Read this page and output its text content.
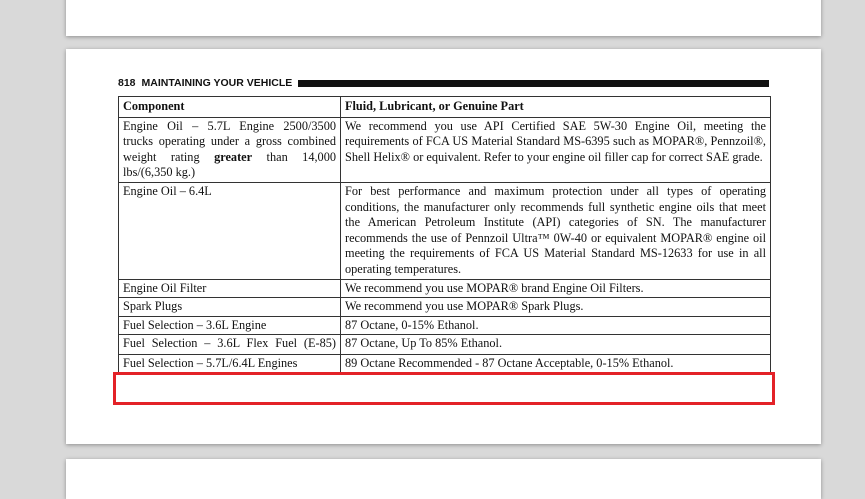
818 MAINTAINING YOUR VEHICLE
Component	Fluid, Lubricant, or Genuine Part
Engine Oil – 5.7L Engine 2500/3500 trucks operating under a gross combined weight rating greater than 14,000 lbs/(6,350 kg.)	We recommend you use API Certified SAE 5W-30 Engine Oil, meeting the requirements of FCA US Material Standard MS-6395 such as MOPAR®, Pennzoil®, Shell Helix® or equivalent. Refer to your engine oil filler cap for correct SAE grade.
Engine Oil – 6.4L	For best performance and maximum protection under all types of operating conditions, the manufacturer only recommends full synthetic engine oils that meet the American Petroleum Institute (API) categories of SN. The manufacturer recommends the use of Pennzoil Ultra™ 0W-40 or equivalent MOPAR® engine oil meeting the requirements of FCA US Material Standard MS-12633 for use in all operating temperatures.
Engine Oil Filter	We recommend you use MOPAR® brand Engine Oil Filters.
Spark Plugs	We recommend you use MOPAR® Spark Plugs.
Fuel Selection – 3.6L Engine	87 Octane, 0-15% Ethanol.

Fuel Selection – 3.6L Flex Fuel (E-85)	87 Octane, Up To 85% Ethanol.
Fuel Selection – 5.7L/6.4L Engines	89 Octane Recommended - 87 Octane Acceptable, 0-15% Ethanol.
